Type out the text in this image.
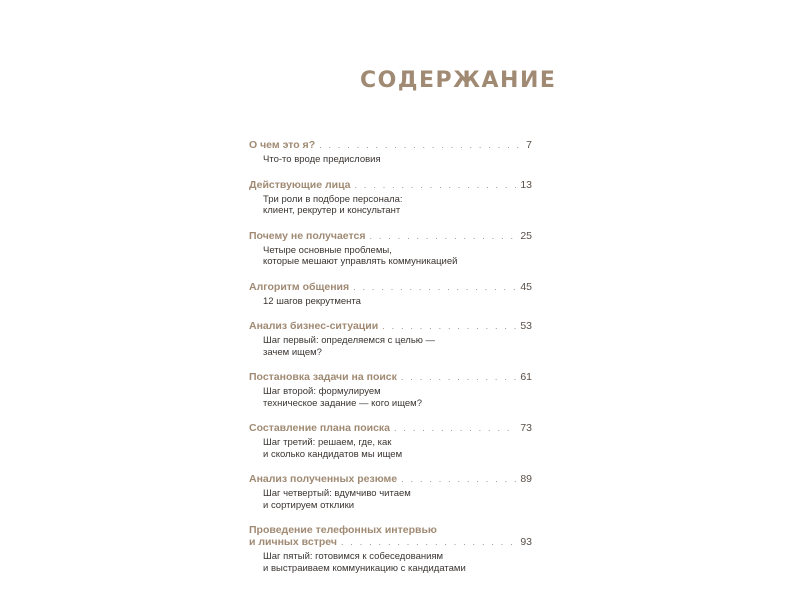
СОДЕРЖАНИЕ
О чем это я? . . .	7
Что-то вроде предисловия
Действующие лица . . .	13
Три роли в подборе персонала:
клиент, рекрутер и консультант
Почему не получается . . .	25
Четыре основные проблемы,
которые мешают управлять коммуникацией
Алгоритм общения . . .	45
12 шагов рекрутмента
Анализ бизнес-ситуации . . .	53
Шаг первый: определяемся с целью —
зачем ищем?
Постановка задачи на поиск . . .	61
Шаг второй: формулируем
техническое задание — кого ищем?
Составление плана поиска . . .	73
Шаг третий: решаем, где, как
и сколько кандидатов мы ищем
Анализ полученных резюме . . .	89
Шаг четвертый: вдумчиво читаем
и сортируем отклики
Проведение телефонных интервью
и личных встреч . . .	93
Шаг пятый: готовимся к собеседованиям
и выстраиваем коммуникацию с кандидатами
